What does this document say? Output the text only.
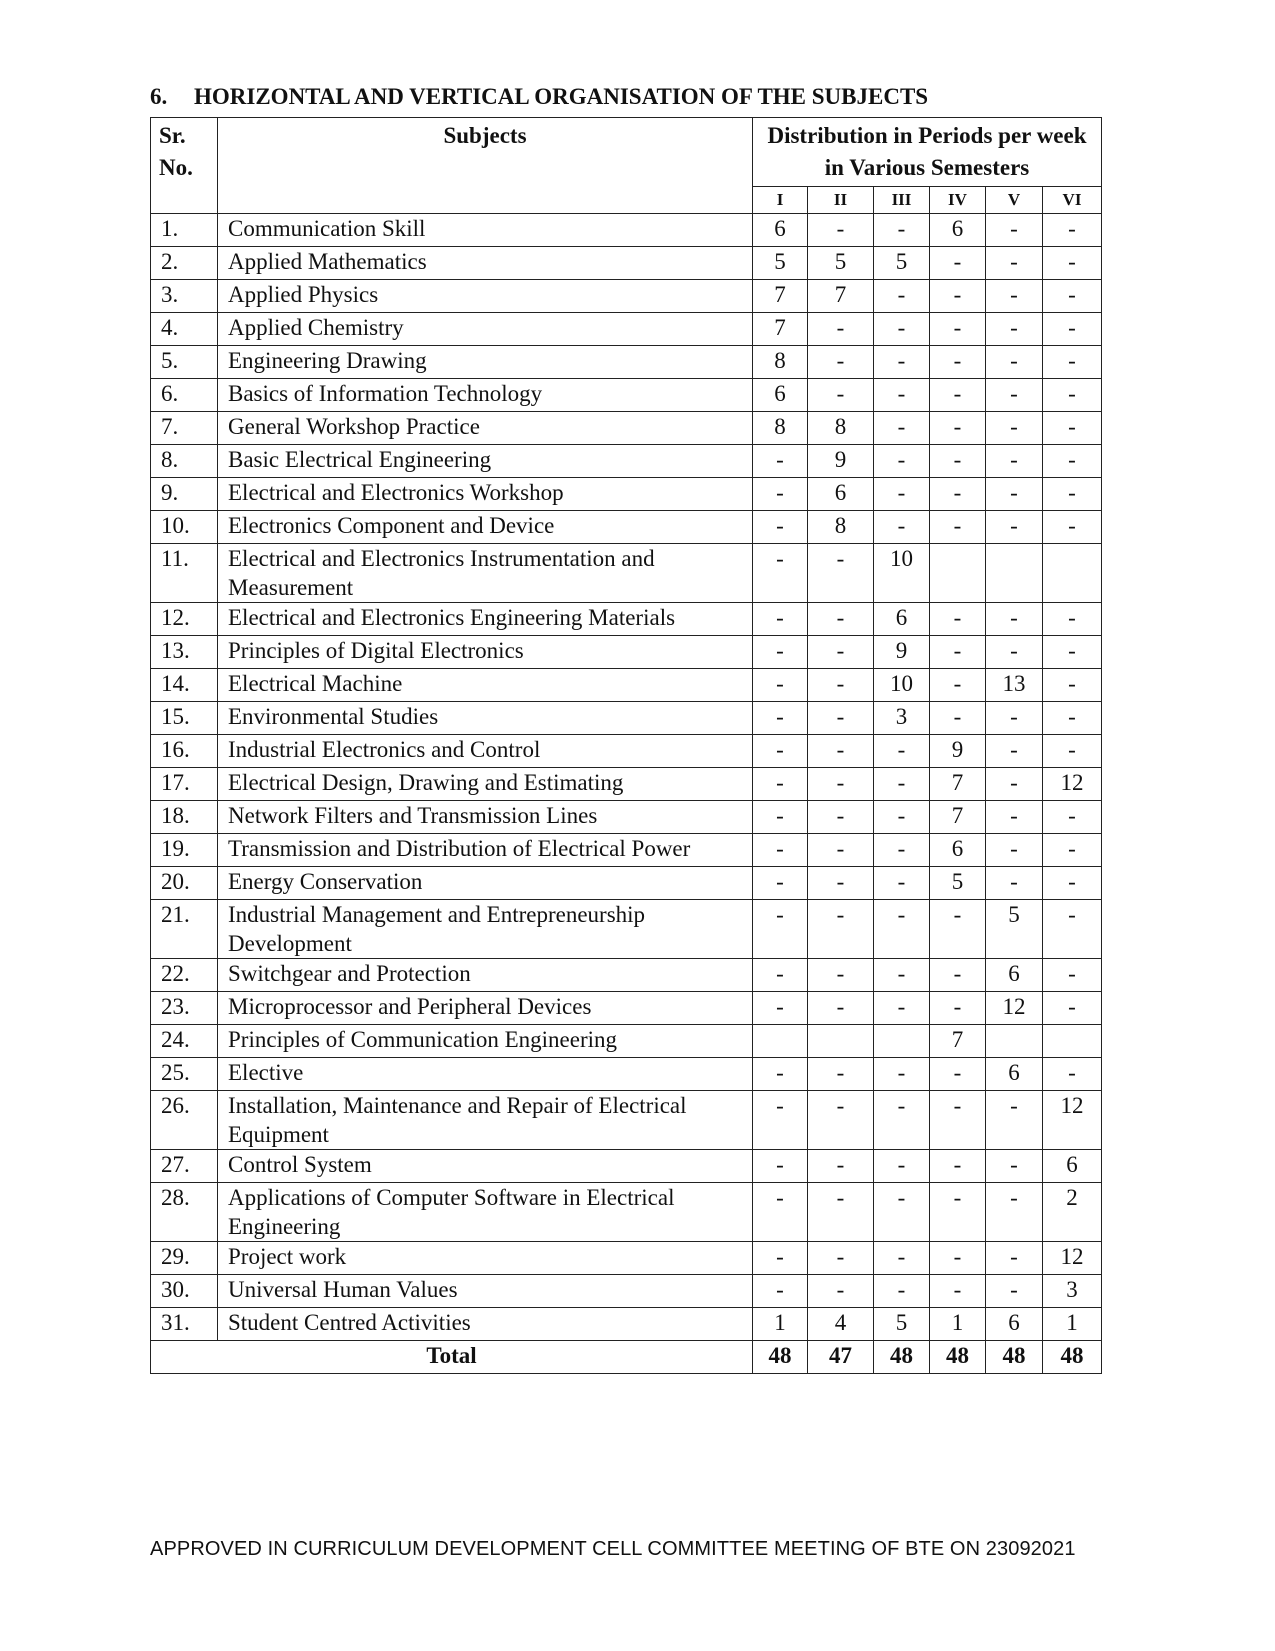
6. HORIZONTAL AND VERTICAL ORGANISATION OF THE SUBJECTS
Sr. No.	Subjects	Distribution in Periods per week in Various Semesters					
		I	II	III	IV	V	VI
1.	Communication Skill	6	-	-	6	-	-
2.	Applied Mathematics	5	5	5	-	-	-
3.	Applied Physics	7	7	-	-	-	-
4.	Applied Chemistry	7	-	-	-	-	-
5.	Engineering Drawing	8	-	-	-	-	-
6.	Basics of Information Technology	6	-	-	-	-	-
7.	General Workshop Practice	8	8	-	-	-	-
8.	Basic Electrical Engineering	-	9	-	-	-	-
9.	Electrical and Electronics Workshop	-	6	-	-	-	-
10.	Electronics Component and Device	-	8	-	-	-	-
11.	Electrical and Electronics Instrumentation and Measurement	-	-	10			
12.	Electrical and Electronics Engineering Materials	-	-	6	-	-	-
13.	Principles of Digital Electronics	-	-	9	-	-	-
14.	Electrical Machine	-	-	10	-	13	-
15.	Environmental Studies	-	-	3	-	-	-
16.	Industrial Electronics and Control	-	-	-	9	-	-
17.	Electrical Design, Drawing and Estimating	-	-	-	7	-	12
18.	Network Filters and Transmission Lines	-	-	-	7	-	-
19.	Transmission and Distribution of Electrical Power	-	-	-	6	-	-
20.	Energy Conservation	-	-	-	5	-	-
21.	Industrial Management and Entrepreneurship Development	-	-	-	-	5	-
22.	Switchgear and Protection	-	-	-	-	6	-
23.	Microprocessor and Peripheral Devices	-	-	-	-	12	-
24.	Principles of Communication Engineering				7		
25.	Elective	-	-	-	-	6	-
26.	Installation, Maintenance and Repair of Electrical Equipment	-	-	-	-	-	12
27.	Control System	-	-	-	-	-	6
28.	Applications of Computer Software in Electrical Engineering	-	-	-	-	-	2
29.	Project work	-	-	-	-	-	12
30.	Universal Human Values	-	-	-	-	-	3
31.	Student Centred Activities	1	4	5	1	6	1
Total		48	47	48	48	48	48
APPROVED IN CURRICULUM DEVELOPMENT CELL COMMITTEE MEETING OF BTE ON 23092021
